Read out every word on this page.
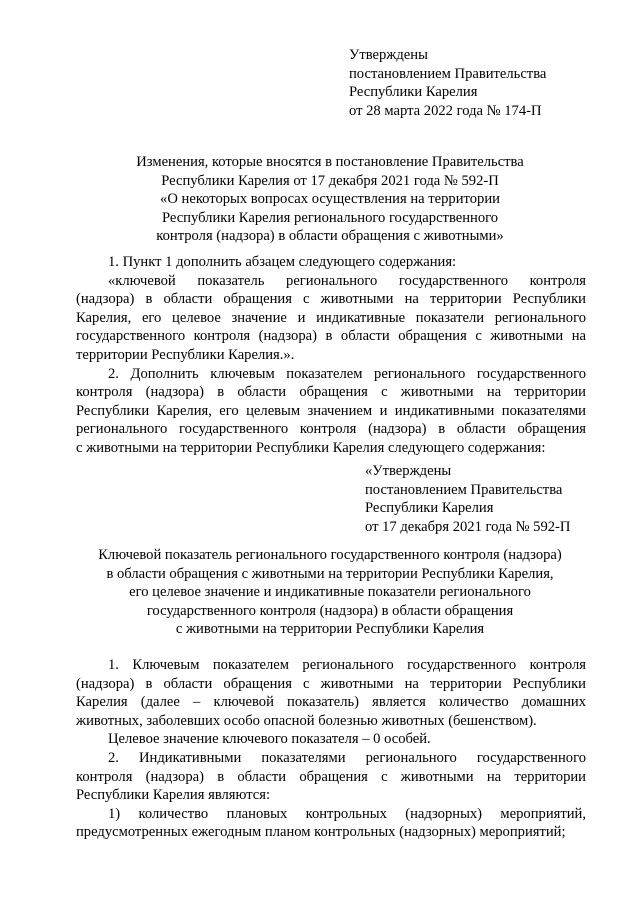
Утверждены
постановлением Правительства
Республики Карелия
от 28 марта 2022 года № 174-П
Изменения, которые вносятся в постановление Правительства
Республики Карелия от 17 декабря 2021 года № 592-П
«О некоторых вопросах осуществления на территории
Республики Карелия регионального государственного
контроля (надзора) в области обращения с животными»
1. Пункт 1 дополнить абзацем следующего содержания:
«ключевой показатель регионального государственного контроля
(надзора) в области обращения с животными на территории Республики
Карелия, его целевое значение и индикативные показатели регионального
государственного контроля (надзора) в области обращения с животными на
территории Республики Карелия.».
2. Дополнить ключевым показателем регионального государственного
контроля (надзора) в области обращения с животными на территории
Республики Карелия, его целевым значением и индикативными показателями
регионального государственного контроля (надзора) в области обращения
с животными на территории Республики Карелия следующего содержания:
«Утверждены
постановлением Правительства
Республики Карелия
от 17 декабря 2021 года № 592-П
Ключевой показатель регионального государственного контроля (надзора)
в области обращения с животными на территории Республики Карелия,
его целевое значение и индикативные показатели регионального
государственного контроля (надзора) в области обращения
с животными на территории Республики Карелия
1. Ключевым показателем регионального государственного контроля
(надзора) в области обращения с животными на территории Республики
Карелия (далее – ключевой показатель) является количество домашних
животных, заболевших особо опасной болезнью животных (бешенством).
Целевое значение ключевого показателя – 0 особей.
2. Индикативными показателями регионального государственного
контроля (надзора) в области обращения с животными на территории
Республики Карелия являются:
1) количество плановых контрольных (надзорных) мероприятий,
предусмотренных ежегодным планом контрольных (надзорных) мероприятий;
